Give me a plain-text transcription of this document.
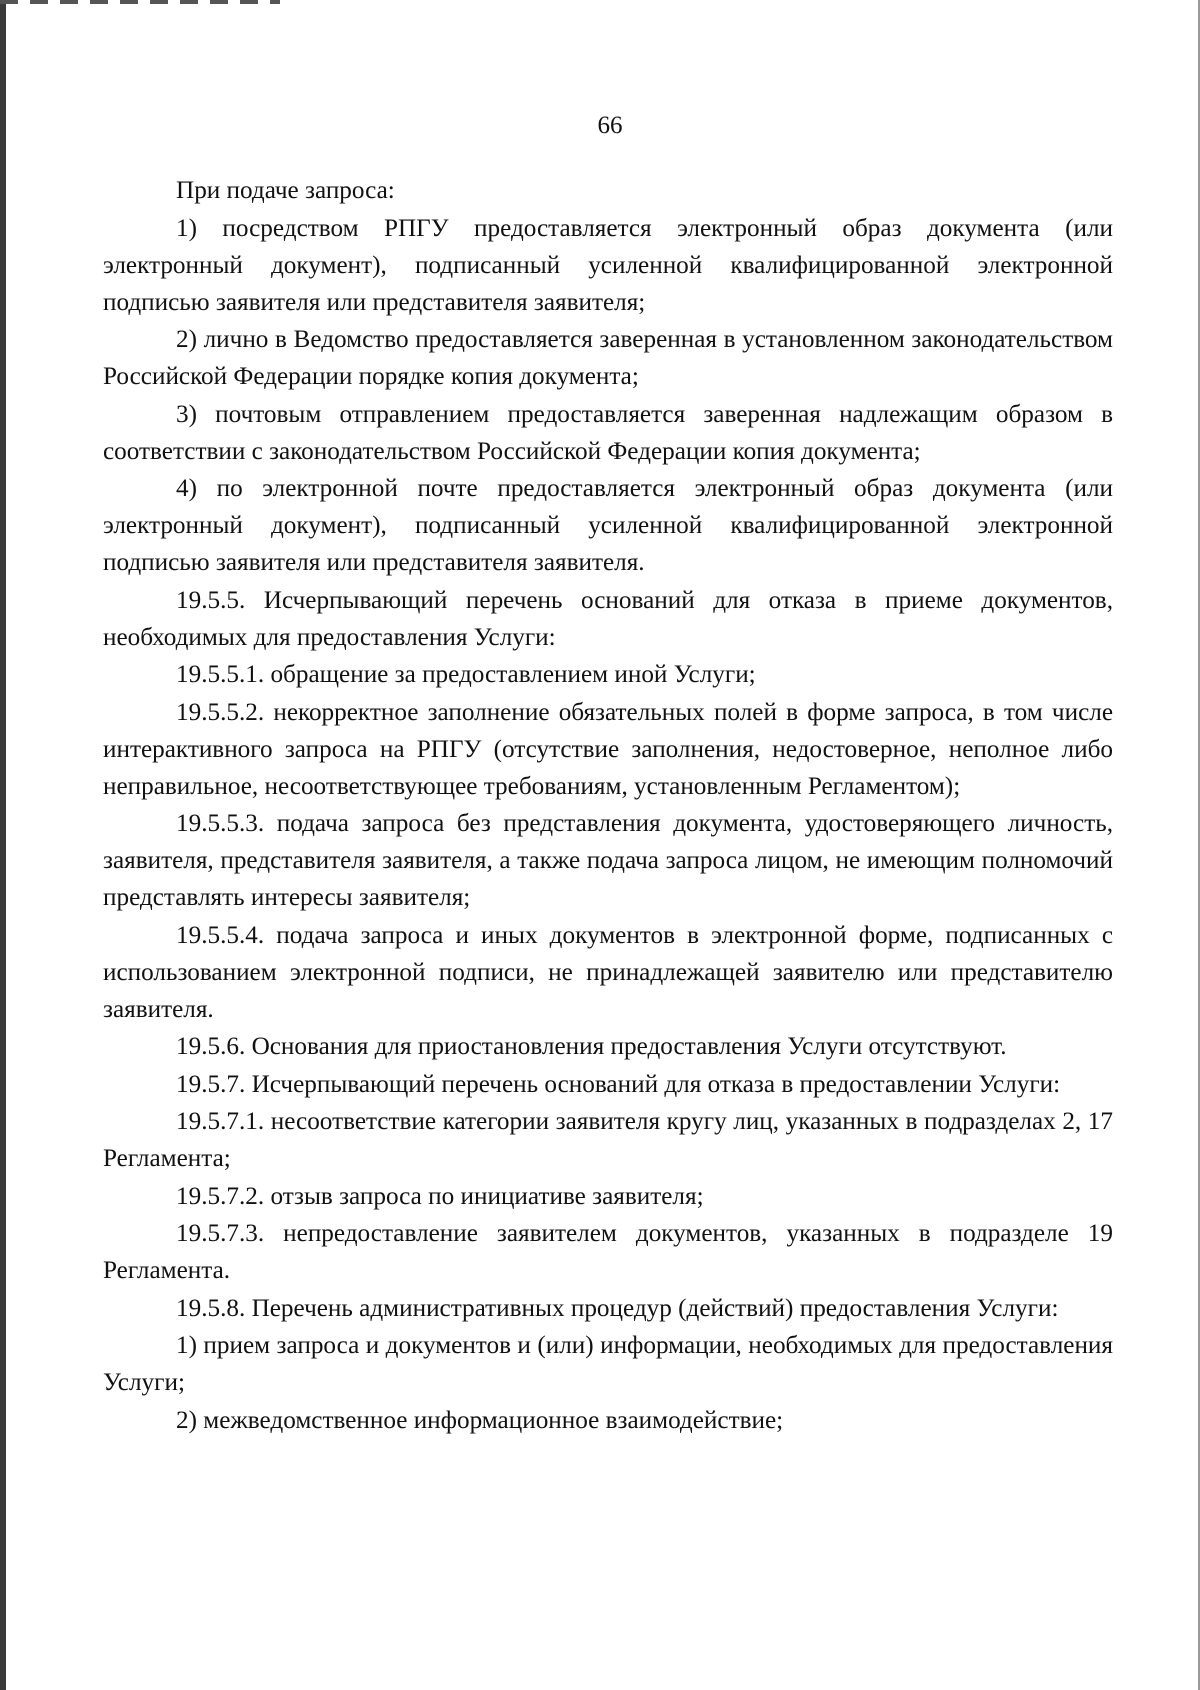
66

При подаче запроса:

1) посредством РПГУ предоставляется электронный образ документа (или электронный документ), подписанный усиленной квалифицированной электронной подписью заявителя или представителя заявителя;

2) лично в Ведомство предоставляется заверенная в установленном законодательством Российской Федерации порядке копия документа;

3) почтовым отправлением предоставляется заверенная надлежащим образом в соответствии с законодательством Российской Федерации копия документа;

4) по электронной почте предоставляется электронный образ документа (или электронный документ), подписанный усиленной квалифицированной электронной подписью заявителя или представителя заявителя.

19.5.5. Исчерпывающий перечень оснований для отказа в приеме документов, необходимых для предоставления Услуги:

19.5.5.1. обращение за предоставлением иной Услуги;

19.5.5.2. некорректное заполнение обязательных полей в форме запроса, в том числе интерактивного запроса на РПГУ (отсутствие заполнения, недостоверное, неполное либо неправильное, несоответствующее требованиям, установленным Регламентом);

19.5.5.3. подача запроса без представления документа, удостоверяющего личность, заявителя, представителя заявителя, а также подача запроса лицом, не имеющим полномочий представлять интересы заявителя;

19.5.5.4. подача запроса и иных документов в электронной форме, подписанных с использованием электронной подписи, не принадлежащей заявителю или представителю заявителя.

19.5.6. Основания для приостановления предоставления Услуги отсутствуют.

19.5.7. Исчерпывающий перечень оснований для отказа в предоставлении Услуги:

19.5.7.1. несоответствие категории заявителя кругу лиц, указанных в подразделах 2, 17 Регламента;

19.5.7.2. отзыв запроса по инициативе заявителя;

19.5.7.3. непредоставление заявителем документов, указанных в подразделе 19 Регламента.

19.5.8. Перечень административных процедур (действий) предоставления Услуги:

1) прием запроса и документов и (или) информации, необходимых для предоставления Услуги;

2) межведомственное информационное взаимодействие;
